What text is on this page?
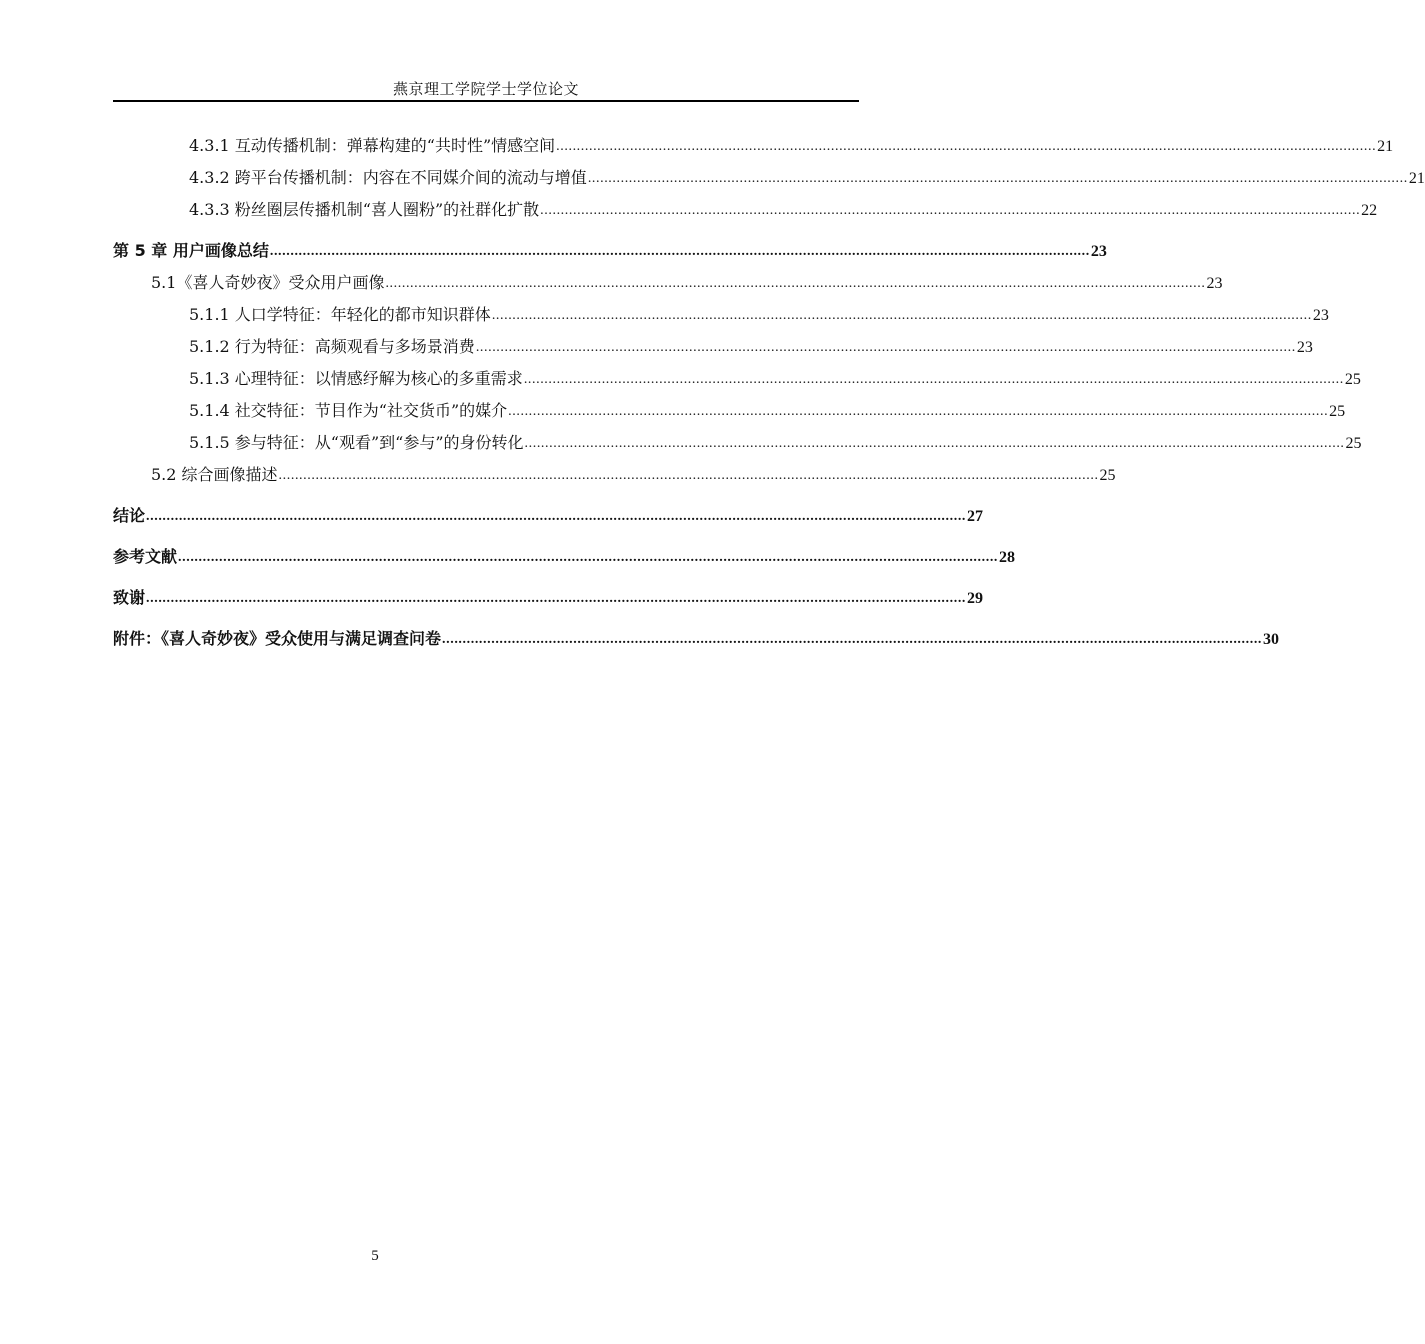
燕京理工学院学士学位论文
4.3.1 互动传播机制：弹幕构建的“共时性”情感空间 ........................................................................................................................................................................................................ 21
4.3.2 跨平台传播机制：内容在不同媒介间的流动与增值 ........................................................................................................................................................................................................ 21
4.3.3 粉丝圈层传播机制“喜人圈粉”的社群化扩散 ........................................................................................................................................................................................................ 22
第 5 章 用户画像总结 ........................................................................................................................................................................................................ 23
5.1《喜人奇妙夜》受众用户画像 ........................................................................................................................................................................................................ 23
5.1.1 人口学特征：年轻化的都市知识群体 ........................................................................................................................................................................................................ 23
5.1.2 行为特征：高频观看与多场景消费 ........................................................................................................................................................................................................ 23
5.1.3 心理特征：以情感纾解为核心的多重需求 ........................................................................................................................................................................................................ 25
5.1.4 社交特征：节目作为“社交货币”的媒介 ........................................................................................................................................................................................................ 25
5.1.5 参与特征：从“观看”到“参与”的身份转化 ........................................................................................................................................................................................................ 25
5.2 综合画像描述 ........................................................................................................................................................................................................ 25
结论 ........................................................................................................................................................................................................ 27
参考文献 ........................................................................................................................................................................................................ 28
致谢 ........................................................................................................................................................................................................ 29
附件：《喜人奇妙夜》受众使用与满足调查问卷 ........................................................................................................................................................................................................ 30
5
